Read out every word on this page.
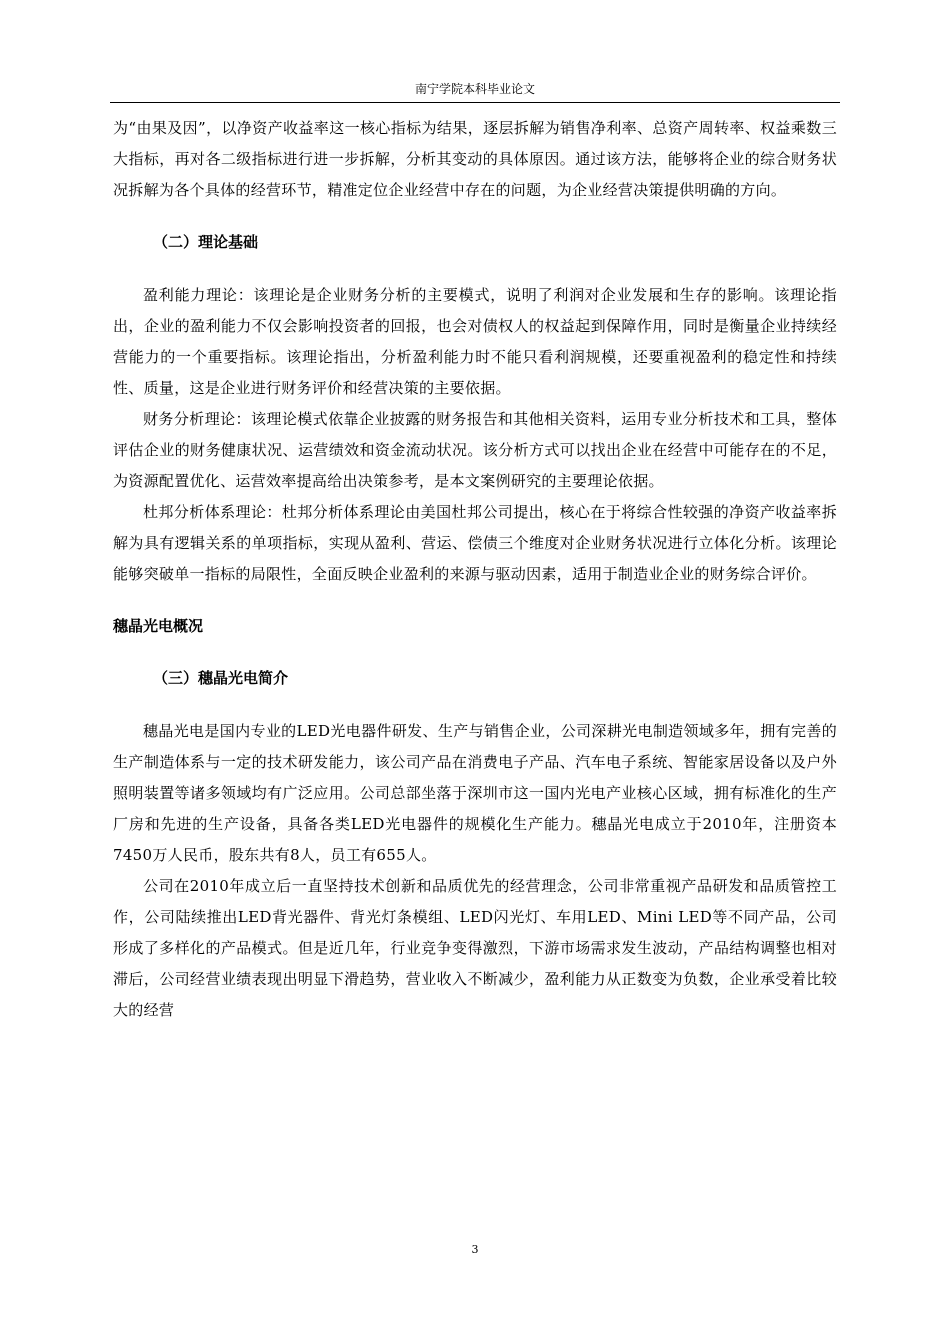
南宁学院本科毕业论文

为“由果及因”，以净资产收益率这一核心指标为结果，逐层拆解为销售净利率、总资产周转率、权益乘数三大指标，再对各二级指标进行进一步拆解，分析其变动的具体原因。通过该方法，能够将企业的综合财务状况拆解为各个具体的经营环节，精准定位企业经营中存在的问题，为企业经营决策提供明确的方向。

（二）理论基础

盈利能力理论：该理论是企业财务分析的主要模式，说明了利润对企业发展和生存的影响。该理论指出，企业的盈利能力不仅会影响投资者的回报，也会对债权人的权益起到保障作用，同时是衡量企业持续经营能力的一个重要指标。该理论指出，分析盈利能力时不能只看利润规模，还要重视盈利的稳定性和持续性、质量，这是企业进行财务评价和经营决策的主要依据。

财务分析理论：该理论模式依靠企业披露的财务报告和其他相关资料，运用专业分析技术和工具，整体评估企业的财务健康状况、运营绩效和资金流动状况。该分析方式可以找出企业在经营中可能存在的不足，为资源配置优化、运营效率提高给出决策参考，是本文案例研究的主要理论依据。

杜邦分析体系理论：杜邦分析体系理论由美国杜邦公司提出，核心在于将综合性较强的净资产收益率拆解为具有逻辑关系的单项指标，实现从盈利、营运、偿债三个维度对企业财务状况进行立体化分析。该理论能够突破单一指标的局限性，全面反映企业盈利的来源与驱动因素，适用于制造业企业的财务综合评价。

穗晶光电概况
（三）穗晶光电简介

穗晶光电是国内专业的LED光电器件研发、生产与销售企业，公司深耕光电制造领域多年，拥有完善的生产制造体系与一定的技术研发能力，该公司产品在消费电子产品、汽车电子系统、智能家居设备以及户外照明装置等诸多领域均有广泛应用。公司总部坐落于深圳市这一国内光电产业核心区域，拥有标准化的生产厂房和先进的生产设备，具备各类LED光电器件的规模化生产能力。穗晶光电成立于2010年，注册资本7450万人民币，股东共有8人，员工有655人。

公司在2010年成立后一直坚持技术创新和品质优先的经营理念，公司非常重视产品研发和品质管控工作，公司陆续推出LED背光器件、背光灯条模组、LED闪光灯、车用LED、Mini LED等不同产品，公司形成了多样化的产品模式。但是近几年，行业竞争变得激烈，下游市场需求发生波动，产品结构调整也相对滞后，公司经营业绩表现出明显下滑趋势，营业收入不断减少，盈利能力从正数变为负数，企业承受着比较大的经营

3
